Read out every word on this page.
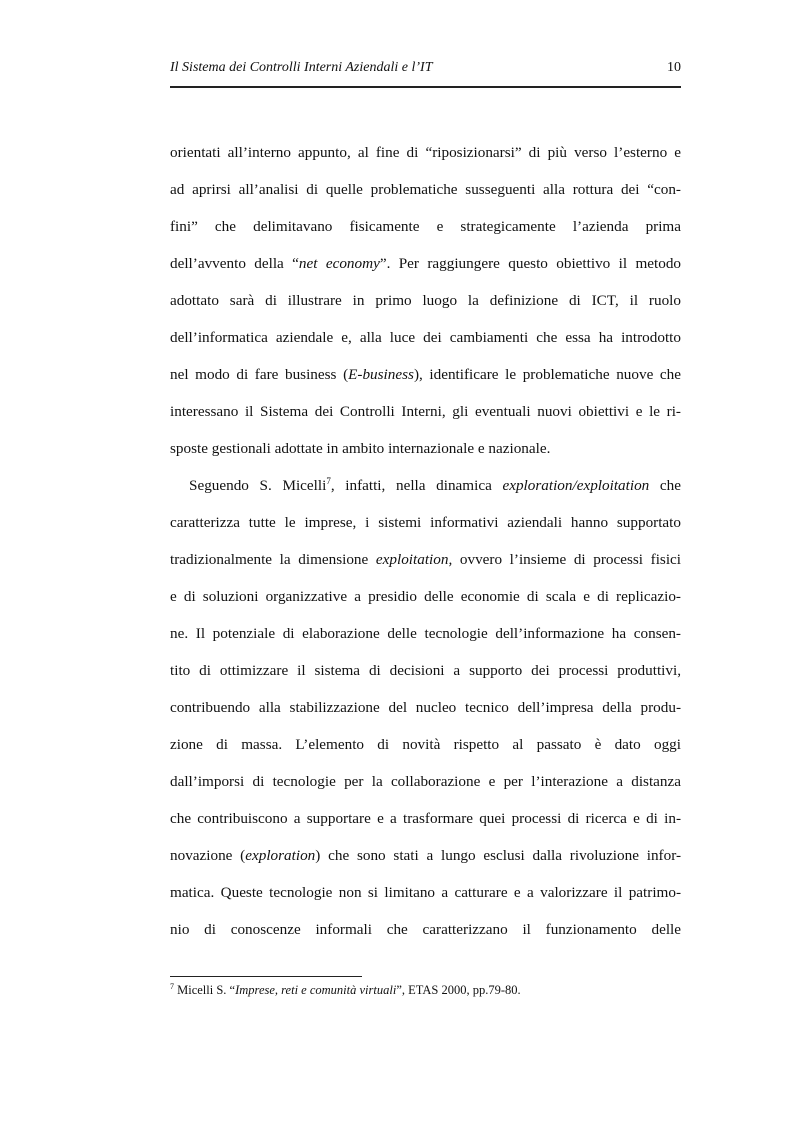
Il Sistema dei Controlli Interni Aziendali e l’IT	10
orientati all’interno appunto, al fine di “riposizionarsi” di più verso l’esterno e
ad aprirsi all’analisi di quelle problematiche susseguenti alla rottura dei “con-
fini” che delimitavano fisicamente e strategicamente l’azienda prima
dell’avvento della “net economy”. Per raggiungere questo obiettivo il metodo
adottato sarà di illustrare in primo luogo la definizione di ICT, il ruolo
dell’informatica aziendale e, alla luce dei cambiamenti che essa ha introdotto
nel modo di fare business (E-business), identificare le problematiche nuove che
interessano il Sistema dei Controlli Interni, gli eventuali nuovi obiettivi e le ri-
sposte gestionali adottate in ambito internazionale e nazionale.
Seguendo S. Micelli$^7$, infatti, nella dinamica exploration/exploitation che
caratterizza tutte le imprese, i sistemi informativi aziendali hanno supportato
tradizionalmente la dimensione exploitation, ovvero l’insieme di processi fisici
e di soluzioni organizzative a presidio delle economie di scala e di replicazio-
ne. Il potenziale di elaborazione delle tecnologie dell’informazione ha consen-
tito di ottimizzare il sistema di decisioni a supporto dei processi produttivi,
contribuendo alla stabilizzazione del nucleo tecnico dell’impresa della produ-
zione di massa. L’elemento di novità rispetto al passato è dato oggi
dall’imporsi di tecnologie per la collaborazione e per l’interazione a distanza
che contribuiscono a supportare e a trasformare quei processi di ricerca e di in-
novazione (exploration) che sono stati a lungo esclusi dalla rivoluzione infor-
matica. Queste tecnologie non si limitano a catturare e a valorizzare il patrimo-
nio di conoscenze informali che caratterizzano il funzionamento delle
$^7$ Micelli S. “Imprese, reti e comunità virtuali”, ETAS 2000, pp.79-80.
